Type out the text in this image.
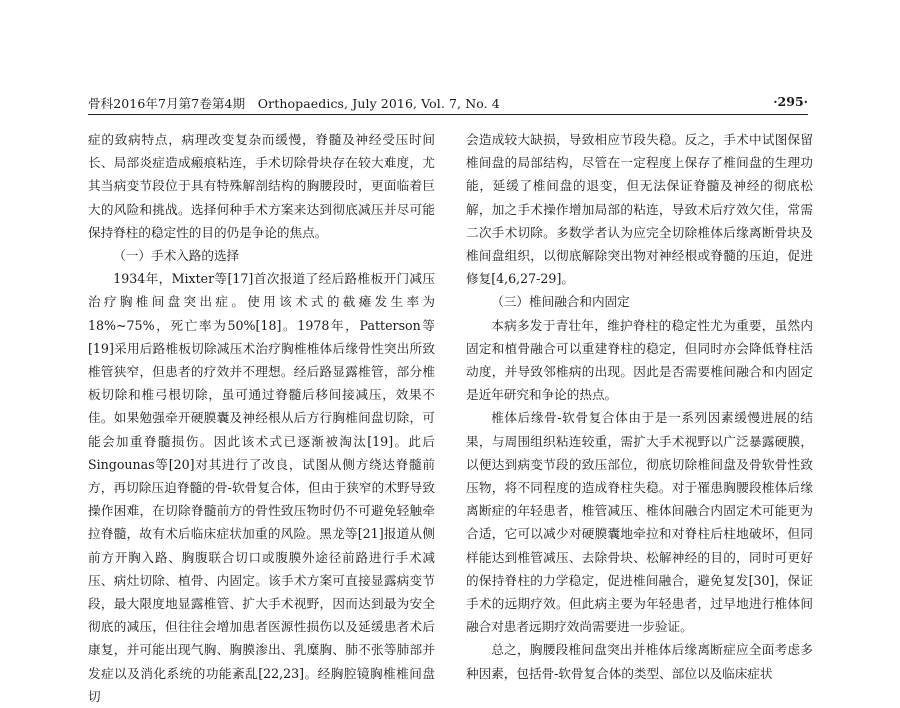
骨科2016年7月第7卷第4期　Orthopaedics, July 2016, Vol. 7, No. 4	·295·

症的致病特点，病理改变复杂而缓慢，脊髓及神经受压时间长、局部炎症造成瘢痕粘连，手术切除骨块存在较大难度，尤其当病变节段位于具有特殊解剖结构的胸腰段时，更面临着巨大的风险和挑战。选择何种手术方案来达到彻底减压并尽可能保持脊柱的稳定性的目的仍是争论的焦点。

（一）手术入路的选择

1934年，Mixter等[17]首次报道了经后路椎板开门减压治疗胸椎间盘突出症。使用该术式的截瘫发生率为18%~75%，死亡率为50%[18]。1978年，Patterson等[19]采用后路椎板切除减压术治疗胸椎椎体后缘骨性突出所致椎管狭窄，但患者的疗效并不理想。经后路显露椎管，部分椎板切除和椎弓根切除，虽可通过脊髓后移间接减压，效果不佳。如果勉强牵开硬膜囊及神经根从后方行胸椎间盘切除，可能会加重脊髓损伤。因此该术式已逐渐被淘汰[19]。此后Singounas等[20]对其进行了改良，试图从侧方绕达脊髓前方，再切除压迫脊髓的骨-软骨复合体，但由于狭窄的术野导致操作困难，在切除脊髓前方的骨性致压物时仍不可避免轻触牵拉脊髓，故有术后临床症状加重的风险。黑龙等[21]报道从侧前方开胸入路、胸腹联合切口或腹膜外途径前路进行手术减压、病灶切除、植骨、内固定。该手术方案可直接显露病变节段，最大限度地显露椎管、扩大手术视野，因而达到最为安全彻底的减压，但往往会增加患者医源性损伤以及延缓患者术后康复，并可能出现气胸、胸膜渗出、乳糜胸、肺不张等肺部并发症以及消化系统的功能紊乱[22,23]。经胸腔镜胸椎椎间盘切

会造成较大缺损，导致相应节段失稳。反之，手术中试图保留椎间盘的局部结构，尽管在一定程度上保存了椎间盘的生理功能，延缓了椎间盘的退变，但无法保证脊髓及神经的彻底松解，加之手术操作增加局部的粘连，导致术后疗效欠佳，常需二次手术切除。多数学者认为应完全切除椎体后缘离断骨块及椎间盘组织，以彻底解除突出物对神经根或脊髓的压迫，促进修复[4,6,27-29]。

（三）椎间融合和内固定

本病多发于青壮年，维护脊柱的稳定性尤为重要，虽然内固定和植骨融合可以重建脊柱的稳定，但同时亦会降低脊柱活动度，并导致邻椎病的出现。因此是否需要椎间融合和内固定是近年研究和争论的热点。

椎体后缘骨-软骨复合体由于是一系列因素缓慢进展的结果，与周围组织粘连较重，需扩大手术视野以广泛暴露硬膜，以便达到病变节段的致压部位，彻底切除椎间盘及骨软骨性致压物，将不同程度的造成脊柱失稳。对于罹患胸腰段椎体后缘离断症的年轻患者，椎管减压、椎体间融合内固定术可能更为合适，它可以减少对硬膜囊地牵拉和对脊柱后柱地破坏，但同样能达到椎管减压、去除骨块、松解神经的目的，同时可更好的保持脊柱的力学稳定，促进椎间融合，避免复发[30]，保证手术的远期疗效。但此病主要为年轻患者，过早地进行椎体间融合对患者远期疗效尚需要进一步验证。

总之，胸腰段椎间盘突出并椎体后缘离断症应全面考虑多种因素，包括骨-软骨复合体的类型、部位以及临床症状
